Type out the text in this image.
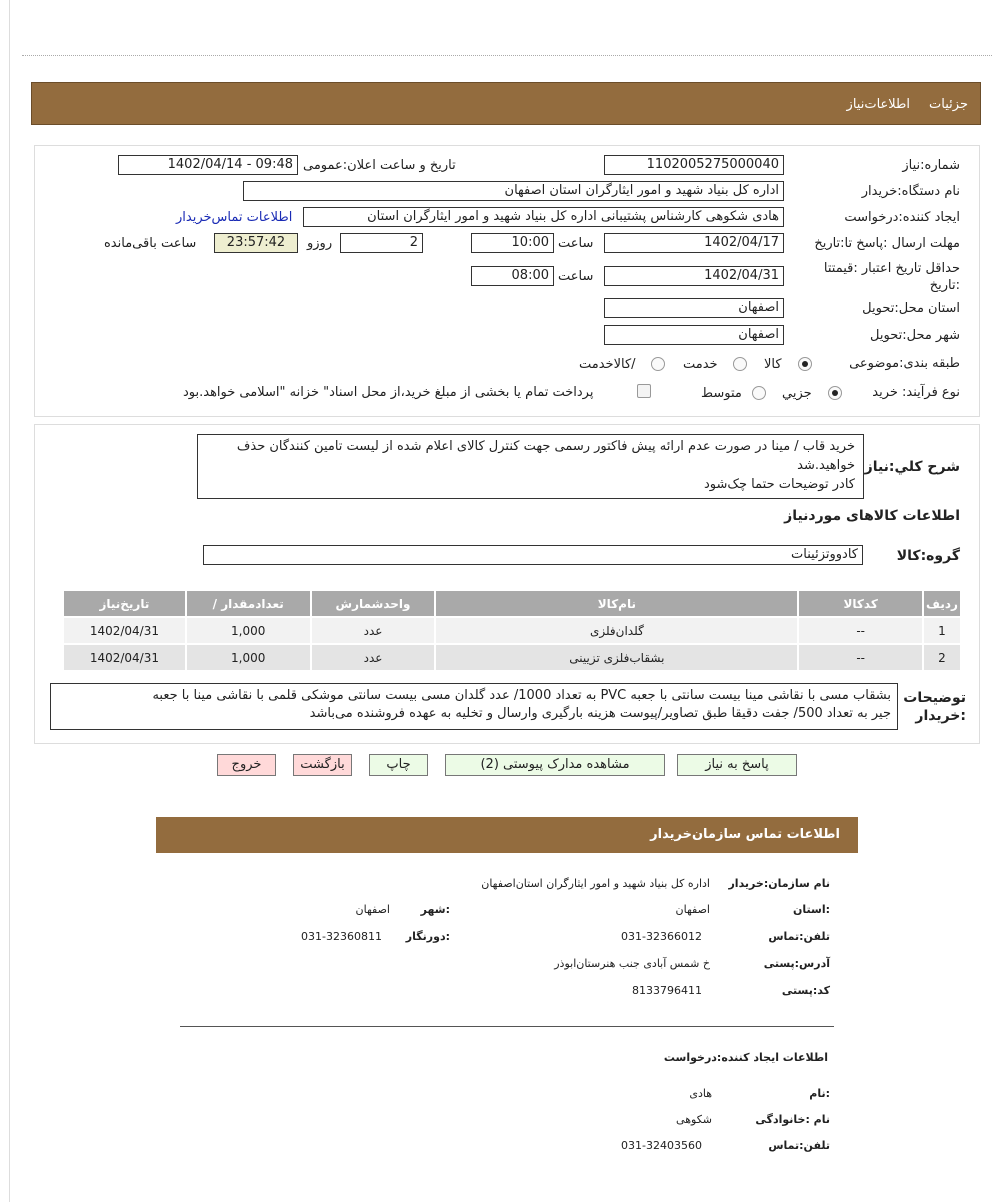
جزئيات
اطلاعات‌نیاز
شماره:نیاز
1102005275000040
تاریخ و ساعت اعلان:عمومی
1402/04/14 - 09:48
نام دستگاه:خریدار
اداره کل بنیاد شهید و امور ایثارگران استان اصفهان
ایجاد کننده:درخواست
هادی شکوهی کارشناس پشتیبانی اداره کل بنیاد شهید و امور ایثارگران استان
اطلاعات تماس‌خریدار
مهلت ارسال :پاسخ تا:تاریخ
1402/04/17
ساعت
10:00
2
روزو
23:57:42
ساعت باقی‌مانده
حداقل تاریخ اعتبار :قیمتتا
:تاریخ
1402/04/31
ساعت
08:00
استان محل:تحویل
اصفهان
شهر محل:تحویل
اصفهان
طبقه بندی:موضوعی
کالا
خدمت
/کالاخدمت
نوع فرآیند: خرید
جزيي
متوسط
پرداخت تمام یا بخشی از مبلغ خرید،از محل اسناد" خزانه "اسلامی خواهد.بود
شرح کلي:نياز
خرید قاب / مینا در صورت عدم ارائه پیش فاکتور رسمی جهت کنترل کالای اعلام شده از لیست تامین کنندگان حذف
خواهید.شد
کادر توضیحات حتما چک‌شود
اطلاعات کالاهای موردنیاز
گروه:کالا
کادووتزئینات
تاریخ‌نیاز	/ تعدادمقدار	واحدشمارش	نام‌کالا	کدکالا	ردیف
1402/04/31	1,000	عدد	گلدان‌فلزی	--	1
1402/04/31	1,000	عدد	بشقاب‌فلزی تزیینی	--	2
توضیحات
:خریدار
بشقاب مسی با نقاشی مینا بیست سانتی با جعبه PVC به تعداد 1000/ عدد گلدان مسی بیست سانتی موشکی قلمی با نقاشی مینا با جعبه
جیر به تعداد 500/ جفت دقیقا طبق تصاویر/پیوست هزینه بارگیری وارسال و تخلیه به عهده فروشنده می‌باشد
پاسخ به نیاز
مشاهده مدارک پیوستی (2)
چاپ
بازگشت
خروج
اطلاعات تماس سازمان‌خریدار
نام سازمان:خریدار
اداره کل بنیاد شهید و امور ایثارگران استان‌اصفهان
:استان
اصفهان
:شهر
اصفهان
تلفن:تماس
031-32366012
:دورنگار
031-32360811
آدرس:پستی
خ شمس آبادی جنب هنرستان‌ابوذر
کد:پستی
8133796411
اطلاعات ایجاد کننده:درخواست
:نام
هادی
نام :خانوادگی
شکوهی
تلفن:تماس
031-32403560
